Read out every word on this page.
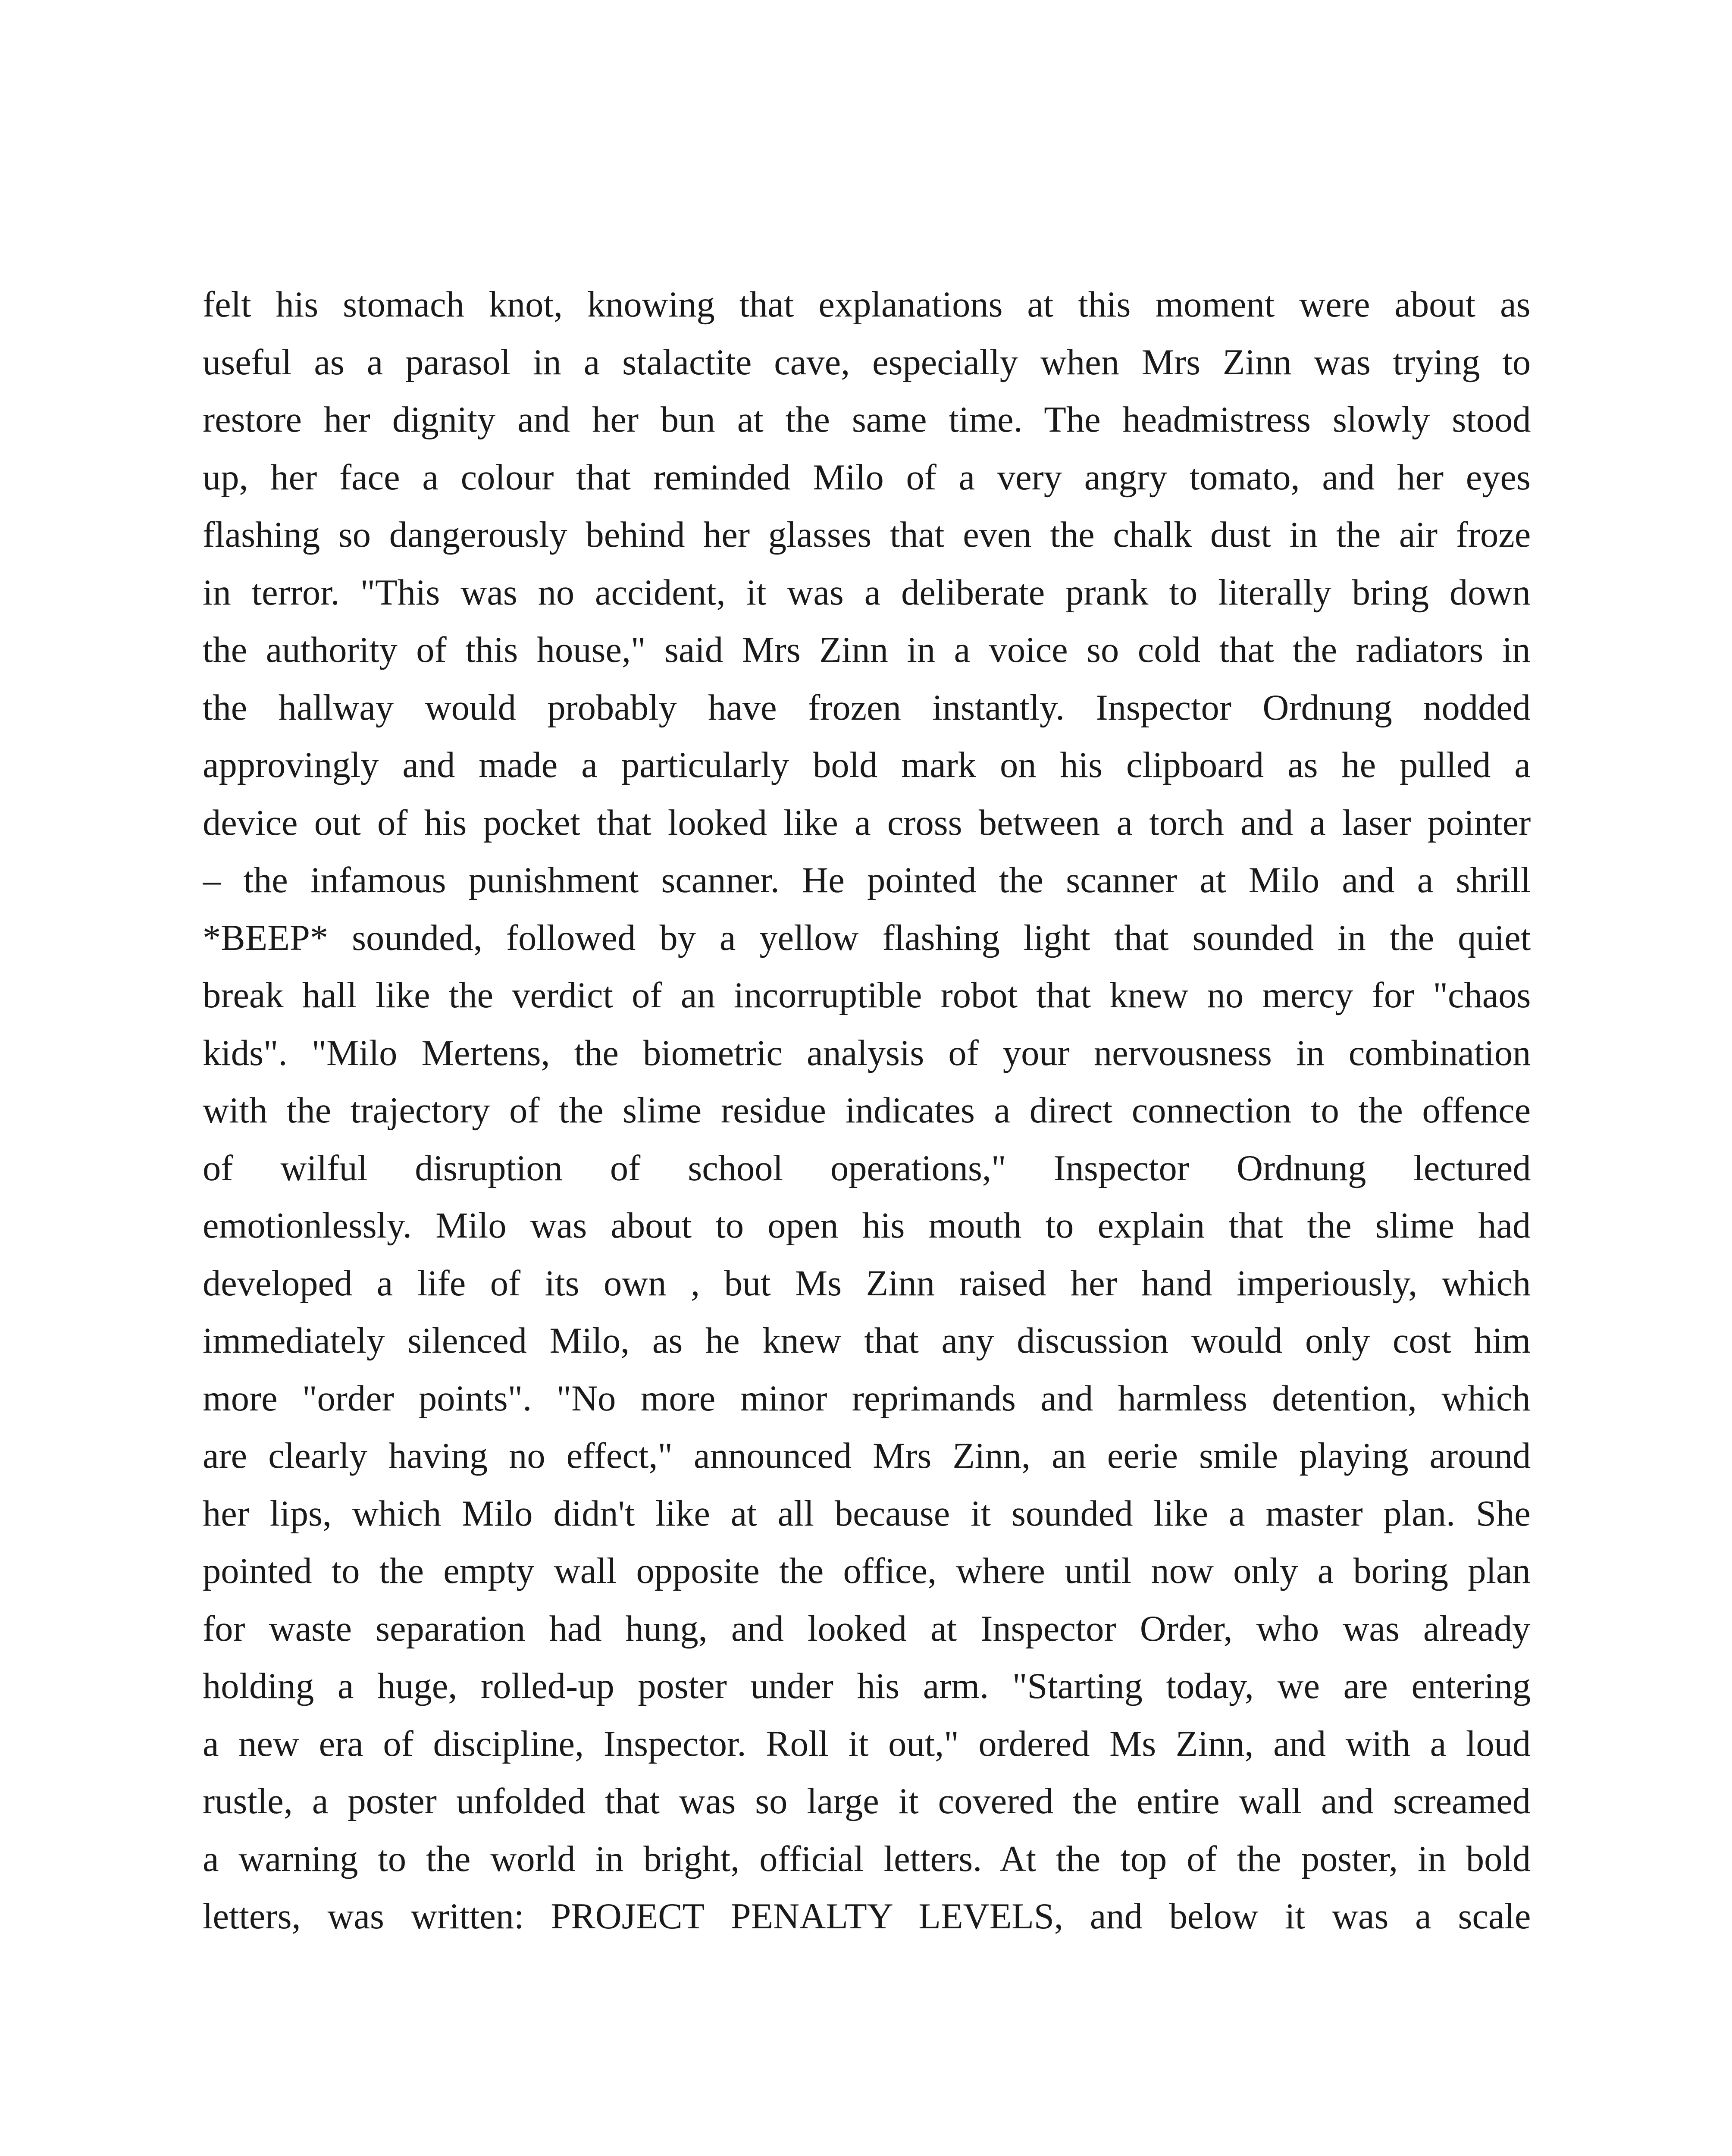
felt his stomach knot, knowing that explanations at this moment were about as
useful as a parasol in a stalactite cave, especially when Mrs Zinn was trying to
restore her dignity and her bun at the same time. The headmistress slowly stood
up, her face a colour that reminded Milo of a very angry tomato, and her eyes
flashing so dangerously behind her glasses that even the chalk dust in the air froze
in terror. "This was no accident, it was a deliberate prank to literally bring down
the authority of this house," said Mrs Zinn in a voice so cold that the radiators in
the hallway would probably have frozen instantly. Inspector Ordnung nodded
approvingly and made a particularly bold mark on his clipboard as he pulled a
device out of his pocket that looked like a cross between a torch and a laser pointer
– the infamous punishment scanner. He pointed the scanner at Milo and a shrill
*BEEP* sounded, followed by a yellow flashing light that sounded in the quiet
break hall like the verdict of an incorruptible robot that knew no mercy for "chaos
kids". "Milo Mertens, the biometric analysis of your nervousness in combination
with the trajectory of the slime residue indicates a direct connection to the offence
of wilful disruption of school operations," Inspector Ordnung lectured
emotionlessly. Milo was about to open his mouth to explain that the slime had
developed a life of its own , but Ms Zinn raised her hand imperiously, which
immediately silenced Milo, as he knew that any discussion would only cost him
more "order points". "No more minor reprimands and harmless detention, which
are clearly having no effect," announced Mrs Zinn, an eerie smile playing around
her lips, which Milo didn't like at all because it sounded like a master plan. She
pointed to the empty wall opposite the office, where until now only a boring plan
for waste separation had hung, and looked at Inspector Order, who was already
holding a huge, rolled-up poster under his arm. "Starting today, we are entering
a new era of discipline, Inspector. Roll it out," ordered Ms Zinn, and with a loud
rustle, a poster unfolded that was so large it covered the entire wall and screamed
a warning to the world in bright, official letters. At the top of the poster, in bold
letters, was written: PROJECT PENALTY LEVELS, and below it was a scale
